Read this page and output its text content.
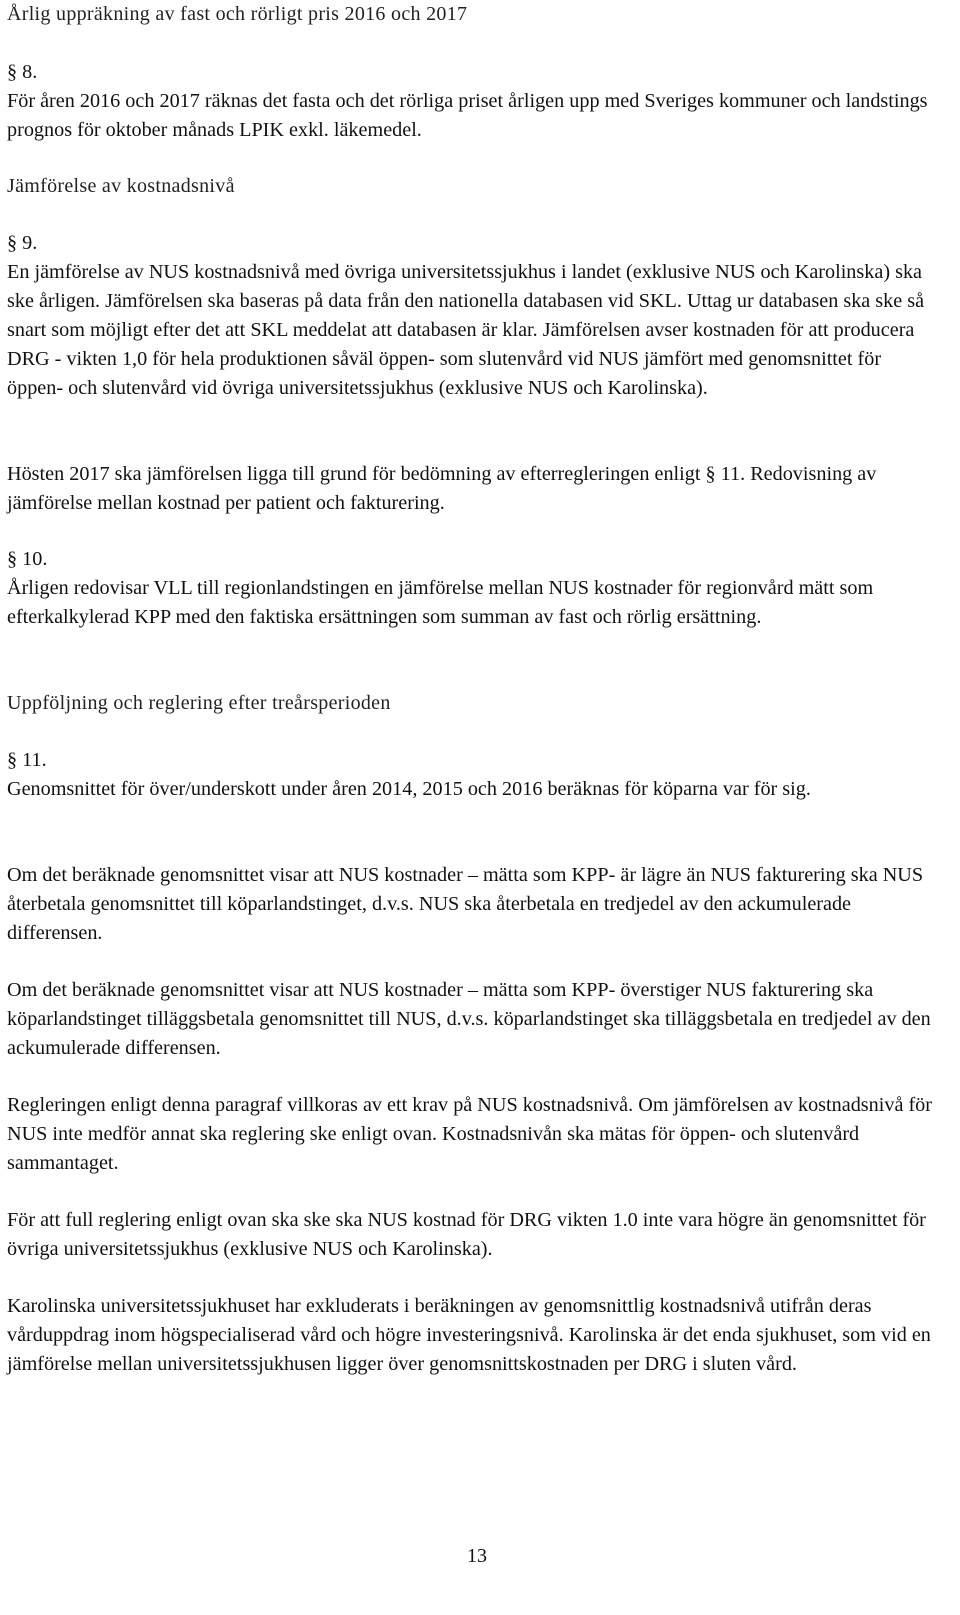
Årlig uppräkning av fast och rörligt pris 2016 och 2017

§ 8.

För åren 2016 och 2017 räknas det fasta och det rörliga priset årligen upp med Sveriges kommuner och landstings prognos för oktober månads LPIK exkl. läkemedel.

Jämförelse av kostnadsnivå

§ 9.

En jämförelse av NUS kostnadsnivå med övriga universitetssjukhus i landet (exklusive NUS och Karolinska) ska ske årligen. Jämförelsen ska baseras på data från den nationella databasen vid SKL. Uttag ur databasen ska ske så snart som möjligt efter det att SKL meddelat att databasen är klar. Jämförelsen avser kostnaden för att producera DRG - vikten 1,0 för hela produktionen såväl öppen- som slutenvård vid NUS jämfört med genomsnittet för öppen- och slutenvård vid övriga universitetssjukhus (exklusive NUS och Karolinska).

Hösten 2017 ska jämförelsen ligga till grund för bedömning av efterregleringen enligt § 11. Redovisning av jämförelse mellan kostnad per patient och fakturering.

§ 10.

Årligen redovisar VLL till regionlandstingen en jämförelse mellan NUS kostnader för regionvård mätt som efterkalkylerad KPP med den faktiska ersättningen som summan av fast och rörlig ersättning.

Uppföljning och reglering efter treårsperioden

§ 11.

Genomsnittet för över/underskott under åren 2014, 2015 och 2016 beräknas för köparna var för sig.

Om det beräknade genomsnittet visar att NUS kostnader – mätta som KPP- är lägre än NUS fakturering ska NUS återbetala genomsnittet till köparlandstinget, d.v.s. NUS ska återbetala en tredjedel av den ackumulerade differensen.

Om det beräknade genomsnittet visar att NUS kostnader – mätta som KPP- överstiger NUS fakturering ska köparlandstinget tilläggsbetala genomsnittet till NUS, d.v.s. köparlandstinget ska tilläggsbetala en tredjedel av den ackumulerade differensen.

Regleringen enligt denna paragraf villkoras av ett krav på NUS kostnadsnivå. Om jämförelsen av kostnadsnivå för NUS inte medför annat ska reglering ske enligt ovan. Kostnadsnivån ska mätas för öppen- och slutenvård sammantaget.

För att full reglering enligt ovan ska ske ska NUS kostnad för DRG vikten 1.0 inte vara högre än genomsnittet för övriga universitetssjukhus (exklusive NUS och Karolinska).

Karolinska universitetssjukhuset har exkluderats i beräkningen av genomsnittlig kostnadsnivå utifrån deras vårduppdrag inom högspecialiserad vård och högre investeringsnivå. Karolinska är det enda sjukhuset, som vid en jämförelse mellan universitetssjukhusen ligger över genomsnittskostnaden per DRG i sluten vård.

13
